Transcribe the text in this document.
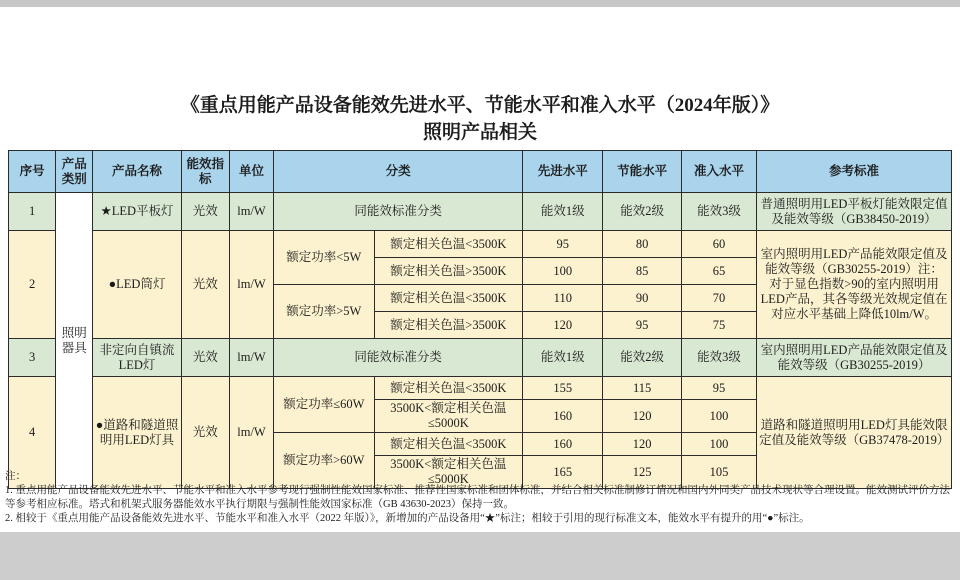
《重点用能产品设备能效先进水平、节能水平和准入水平（2024年版）》
照明产品相关
序号	产品类别	产品名称	能效指标	单位	分类		先进水平	节能水平	准入水平	参考标准
1	照明器具	★LED平板灯	光效	lm/W	同能效标准分类		能效1级	能效2级	能效3级	普通照明用LED平板灯能效限定值及能效等级（GB38450-2019）
2		●LED筒灯	光效	lm/W	额定功率<5W	额定相关色温<3500K	95	80	60	室内照明用LED产品能效限定值及能效等级（GB30255-2019）注：对于显色指数>90的室内照明用LED产品，其各等级光效规定值在对应水平基础上降低10lm/W。
						额定相关色温>3500K	100	85	65	
					额定功率>5W	额定相关色温<3500K	110	90	70	
						额定相关色温>3500K	120	95	75	
3		非定向自镇流LED灯	光效	lm/W	同能效标准分类		能效1级	能效2级	能效3级	室内照明用LED产品能效限定值及能效等级（GB30255-2019）
4		●道路和隧道照明用LED灯具	光效	lm/W	额定功率≤60W	额定相关色温<3500K	155	115	95	道路和隧道照明用LED灯具能效限定值及能效等级（GB37478-2019）
						3500K<额定相关色温≤5000K	160	120	100	
					额定功率>60W	额定相关色温<3500K	160	120	100	
						3500K<额定相关色温≤5000K	165	125	105	
注：
1. 重点用能产品设备能效先进水平、节能水平和准入水平参考现行强制性能效国家标准、推荐性国家标准和团体标准，并结合相关标准制修订情况和国内外同类产品技术现状等合理设置。能效测试评价方法等参考相应标准。塔式和机架式服务器能效水平执行期限与强制性能效国家标准（GB 43630-2023）保持一致。
2. 相较于《重点用能产品设备能效先进水平、节能水平和准入水平（2022 年版）》，新增加的产品设备用“★”标注；相较于引用的现行标准文本，能效水平有提升的用“●”标注。
